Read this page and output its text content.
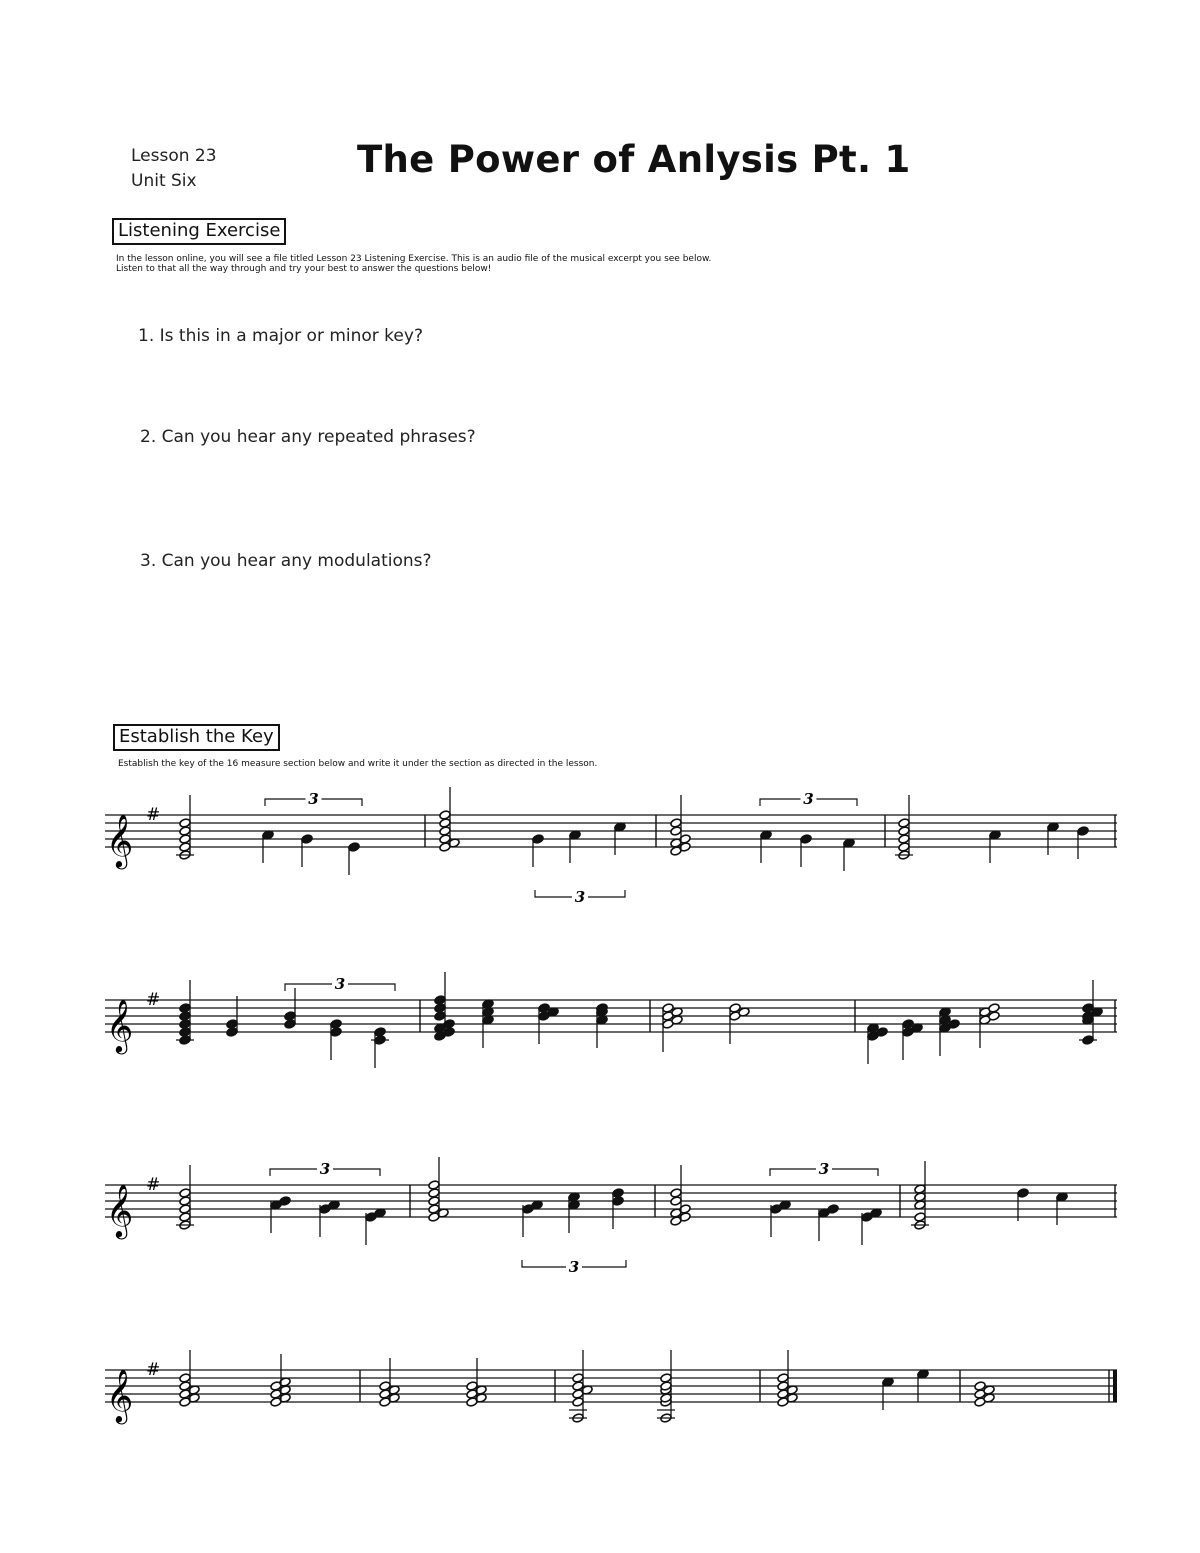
Lesson 23
Unit Six	The Power of Anlysis Pt. 1
Listening Exercise
In the lesson online, you will see a file titled Lesson 23 Listening Exercise. This is an audio file of the musical excerpt you see below.
Listen to that all the way through and try your best to answer the questions below!
1. Is this in a major or minor key?
2. Can you hear any repeated phrases?
3. Can you hear any modulations?
Establish the Key
Establish the key of the 16 measure section below and write it under the section as directed in the lesson.
𝄞 #
3
3
3
𝄞 #
3
𝄞 #
3
3
3
𝄞 #
